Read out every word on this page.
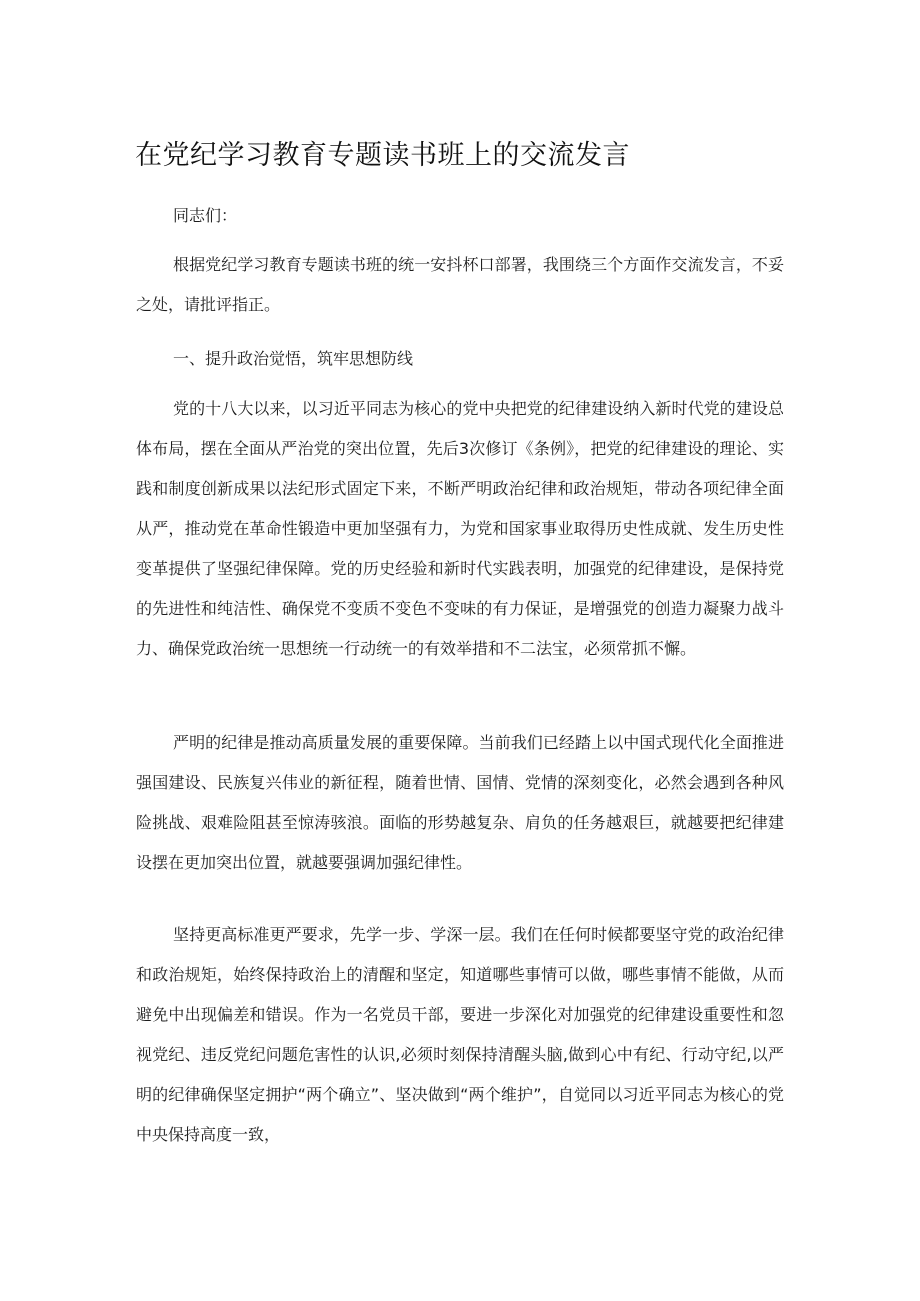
在党纪学习教育专题读书班上的交流发言

同志们：

根据党纪学习教育专题读书班的统一安抖杯口部署，我围绕三个方面作交流发言，不妥之处，请批评指正。

一、提升政治觉悟，筑牢思想防线

党的十八大以来，以习近平同志为核心的党中央把党的纪律建设纳入新时代党的建设总体布局，摆在全面从严治党的突出位置，先后3次修订《条例》，把党的纪律建设的理论、实践和制度创新成果以法纪形式固定下来，不断严明政治纪律和政治规矩，带动各项纪律全面从严，推动党在革命性锻造中更加坚强有力，为党和国家事业取得历史性成就、发生历史性变革提供了坚强纪律保障。党的历史经验和新时代实践表明，加强党的纪律建设，是保持党的先进性和纯洁性、确保党不变质不变色不变味的有力保证，是增强党的创造力凝聚力战斗力、确保党政治统一思想统一行动统一的有效举措和不二法宝，必须常抓不懈。

严明的纪律是推动高质量发展的重要保障。当前我们已经踏上以中国式现代化全面推进强国建设、民族复兴伟业的新征程，随着世情、国情、党情的深刻变化，必然会遇到各种风险挑战、艰难险阻甚至惊涛骇浪。面临的形势越复杂、肩负的任务越艰巨，就越要把纪律建设摆在更加突出位置，就越要强调加强纪律性。

坚持更高标准更严要求，先学一步、学深一层。我们在任何时候都要坚守党的政治纪律和政治规矩，始终保持政治上的清醒和坚定，知道哪些事情可以做，哪些事情不能做，从而避免中出现偏差和错误。作为一名党员干部，要进一步深化对加强党的纪律建设重要性和忽视党纪、违反党纪问题危害性的认识,必须时刻保持清醒头脑,做到心中有纪、行动守纪,以严明的纪律确保坚定拥护“两个确立”、坚决做到“两个维护”，自觉同以习近平同志为核心的党中央保持高度一致，
